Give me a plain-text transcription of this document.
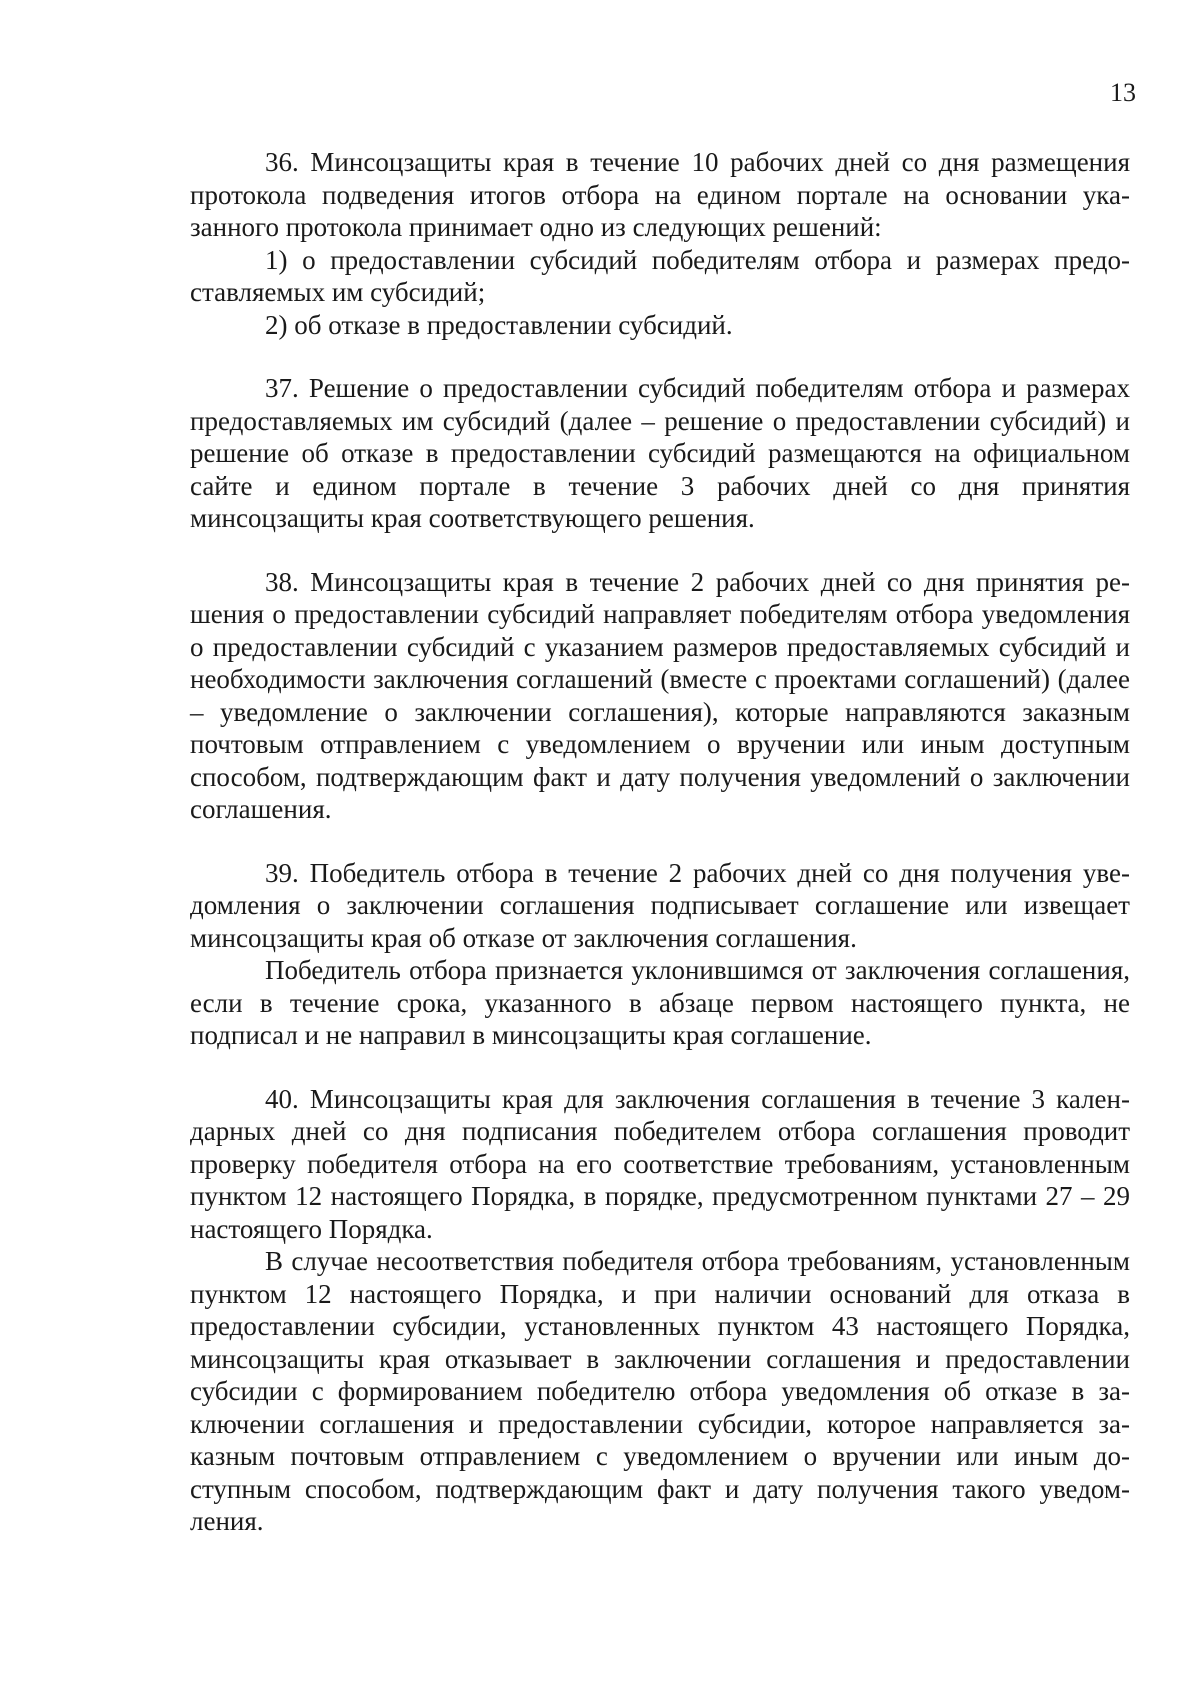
13

36. Минсоцзащиты края в течение 10 рабочих дней со дня размещения протокола подведения итогов отбора на едином портале на основании указанного протокола принимает одно из следующих решений:

1) о предоставлении субсидий победителям отбора и размерах предоставляемых им субсидий;

2) об отказе в предоставлении субсидий.

37. Решение о предоставлении субсидий победителям отбора и размерах предоставляемых им субсидий (далее – решение о предоставлении субсидий) и решение об отказе в предоставлении субсидий размещаются на официальном сайте и едином портале в течение 3 рабочих дней со дня принятия минсоцзащиты края соответствующего решения.

38. Минсоцзащиты края в течение 2 рабочих дней со дня принятия решения о предоставлении субсидий направляет победителям отбора уведомления о предоставлении субсидий с указанием размеров предоставляемых субсидий и необходимости заключения соглашений (вместе с проектами соглашений) (далее – уведомление о заключении соглашения), которые направляются заказным почтовым отправлением с уведомлением о вручении или иным доступным способом, подтверждающим факт и дату получения уведомлений о заключении соглашения.

39. Победитель отбора в течение 2 рабочих дней со дня получения уведомления о заключении соглашения подписывает соглашение или извещает минсоцзащиты края об отказе от заключения соглашения.

Победитель отбора признается уклонившимся от заключения соглашения, если в течение срока, указанного в абзаце первом настоящего пункта, не подписал и не направил в минсоцзащиты края соглашение.

40. Минсоцзащиты края для заключения соглашения в течение 3 календарных дней со дня подписания победителем отбора соглашения проводит проверку победителя отбора на его соответствие требованиям, установленным пунктом 12 настоящего Порядка, в порядке, предусмотренном пунктами 27 – 29 настоящего Порядка.

В случае несоответствия победителя отбора требованиям, установленным пунктом 12 настоящего Порядка, и при наличии оснований для отказа в предоставлении субсидии, установленных пунктом 43 настоящего Порядка, минсоцзащиты края отказывает в заключении соглашения и предоставлении субсидии с формированием победителю отбора уведомления об отказе в заключении соглашения и предоставлении субсидии, которое направляется заказным почтовым отправлением с уведомлением о вручении или иным доступным способом, подтверждающим факт и дату получения такого уведомления.
